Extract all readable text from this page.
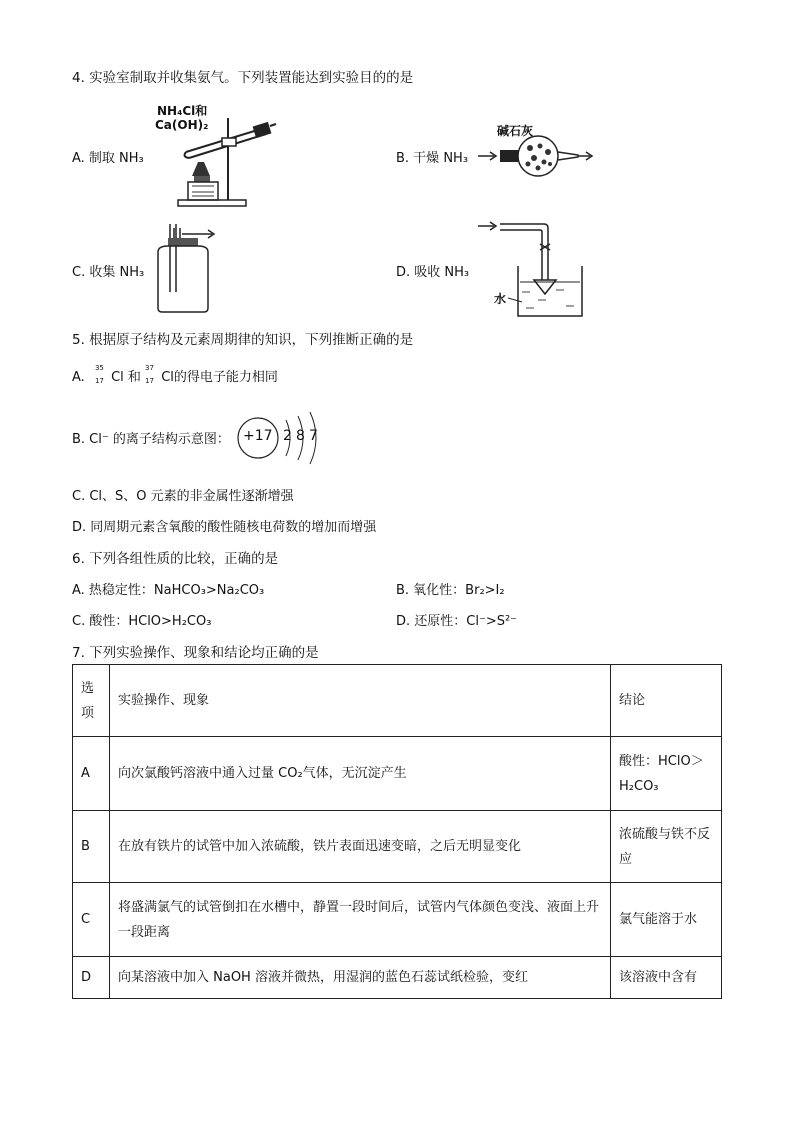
4. 实验室制取并收集氨气。下列装置能达到实验目的的是
NH₄Cl和
Ca(OH)₂
A. 制取 NH₃
碱石灰
B. 干燥 NH₃
C. 收集 NH₃
水
D. 吸收 NH₃
5. 根据原子结构及元素周期律的知识，下列推断正确的是
A.
35
17 Cl 和
37
17 Cl的得电子能力相同
B. Cl⁻ 的离子结构示意图： +17 2 8 7
C. Cl、S、O 元素的非金属性逐渐增强
D. 同周期元素含氧酸的酸性随核电荷数的增加而增强
6. 下列各组性质的比较，正确的是
A. 热稳定性：NaHCO₃>Na₂CO₃	B. 氧化性：Br₂>I₂
C. 酸性：HClO>H₂CO₃	D. 还原性：Cl⁻>S²⁻
7. 下列实验操作、现象和结论均正确的是
选
项	实验操作、现象	结论
A	向次氯酸钙溶液中通入过量 CO₂气体，无沉淀产生	酸性：HClO＞H₂CO₃
B	在放有铁片的试管中加入浓硫酸，铁片表面迅速变暗，之后无明显变化	浓硫酸与铁不反应
C	将盛满氯气的试管倒扣在水槽中，静置一段时间后，试管内气体颜色变浅、液面上升一段距离	氯气能溶于水
D	向某溶液中加入 NaOH 溶液并微热，用湿润的蓝色石蕊试纸检验，变红	该溶液中含有
